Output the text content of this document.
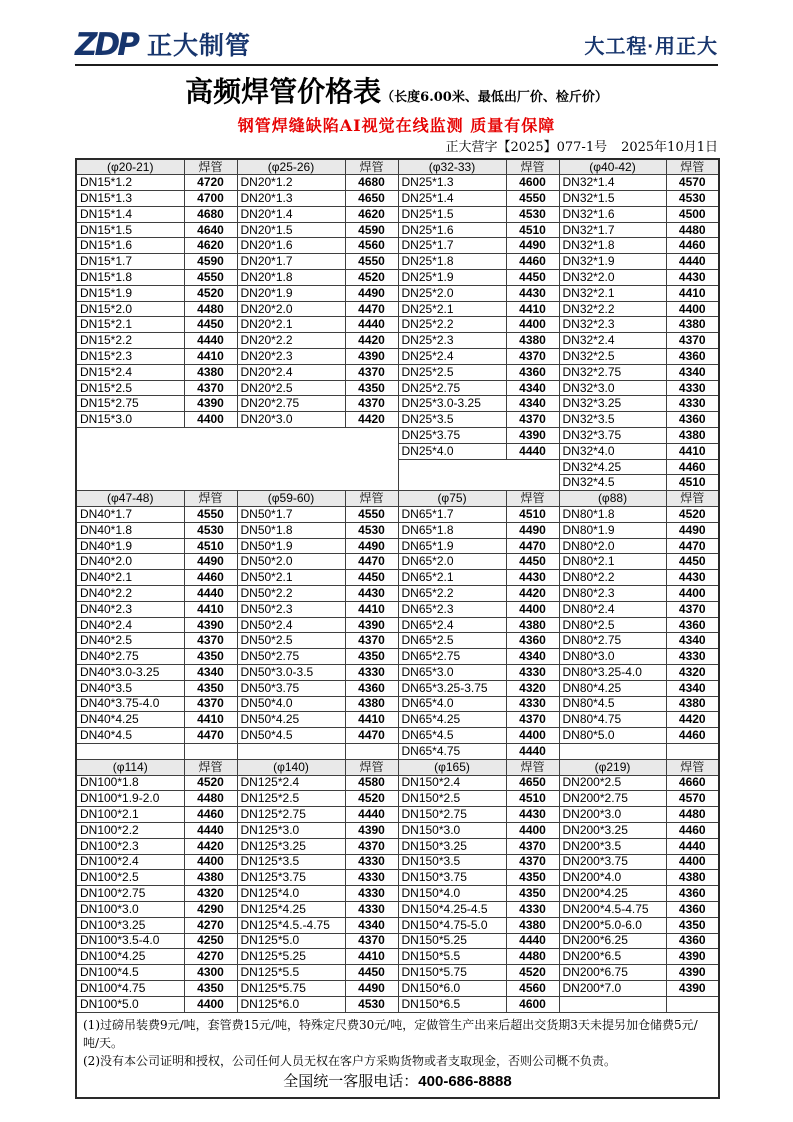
ZDP 正大制管	大工程·用正大
高频焊管价格表（长度6.00米、最低出厂价、检斤价）
钢管焊缝缺陷AI视觉在线监测 质量有保障
正大营字【2025】077-1号 2025年10月1日
(φ20-21)	焊管	(φ25-26)	焊管	(φ32-33)	焊管	(φ40-42)	焊管
DN15*1.2	4720	DN20*1.2	4680	DN25*1.3	4600	DN32*1.4	4570
DN15*1.3	4700	DN20*1.3	4650	DN25*1.4	4550	DN32*1.5	4530
DN15*1.4	4680	DN20*1.4	4620	DN25*1.5	4530	DN32*1.6	4500
DN15*1.5	4640	DN20*1.5	4590	DN25*1.6	4510	DN32*1.7	4480
DN15*1.6	4620	DN20*1.6	4560	DN25*1.7	4490	DN32*1.8	4460
DN15*1.7	4590	DN20*1.7	4550	DN25*1.8	4460	DN32*1.9	4440
DN15*1.8	4550	DN20*1.8	4520	DN25*1.9	4450	DN32*2.0	4430
DN15*1.9	4520	DN20*1.9	4490	DN25*2.0	4430	DN32*2.1	4410
DN15*2.0	4480	DN20*2.0	4470	DN25*2.1	4410	DN32*2.2	4400
DN15*2.1	4450	DN20*2.1	4440	DN25*2.2	4400	DN32*2.3	4380
DN15*2.2	4440	DN20*2.2	4420	DN25*2.3	4380	DN32*2.4	4370
DN15*2.3	4410	DN20*2.3	4390	DN25*2.4	4370	DN32*2.5	4360
DN15*2.4	4380	DN20*2.4	4370	DN25*2.5	4360	DN32*2.75	4340
DN15*2.5	4370	DN20*2.5	4350	DN25*2.75	4340	DN32*3.0	4330
DN15*2.75	4390	DN20*2.75	4370	DN25*3.0-3.25	4340	DN32*3.25	4330
DN15*3.0	4400	DN20*3.0	4420	DN25*3.5	4370	DN32*3.5	4360
				DN25*3.75	4390	DN32*3.75	4380
				DN25*4.0	4440	DN32*4.0	4410
						DN32*4.25	4460
						DN32*4.5	4510
(φ47-48)	焊管	(φ59-60)	焊管	(φ75)	焊管	(φ88)	焊管
DN40*1.7	4550	DN50*1.7	4550	DN65*1.7	4510	DN80*1.8	4520
DN40*1.8	4530	DN50*1.8	4530	DN65*1.8	4490	DN80*1.9	4490
DN40*1.9	4510	DN50*1.9	4490	DN65*1.9	4470	DN80*2.0	4470
DN40*2.0	4490	DN50*2.0	4470	DN65*2.0	4450	DN80*2.1	4450
DN40*2.1	4460	DN50*2.1	4450	DN65*2.1	4430	DN80*2.2	4430
DN40*2.2	4440	DN50*2.2	4430	DN65*2.2	4420	DN80*2.3	4400
DN40*2.3	4410	DN50*2.3	4410	DN65*2.3	4400	DN80*2.4	4370
DN40*2.4	4390	DN50*2.4	4390	DN65*2.4	4380	DN80*2.5	4360
DN40*2.5	4370	DN50*2.5	4370	DN65*2.5	4360	DN80*2.75	4340
DN40*2.75	4350	DN50*2.75	4350	DN65*2.75	4340	DN80*3.0	4330
DN40*3.0-3.25	4340	DN50*3.0-3.5	4330	DN65*3.0	4330	DN80*3.25-4.0	4320
DN40*3.5	4350	DN50*3.75	4360	DN65*3.25-3.75	4320	DN80*4.25	4340
DN40*3.75-4.0	4370	DN50*4.0	4380	DN65*4.0	4330	DN80*4.5	4380
DN40*4.25	4410	DN50*4.25	4410	DN65*4.25	4370	DN80*4.75	4420
DN40*4.5	4470	DN50*4.5	4470	DN65*4.5	4400	DN80*5.0	4460
				DN65*4.75	4440		
(φ114)	焊管	(φ140)	焊管	(φ165)	焊管	(φ219)	焊管
DN100*1.8	4520	DN125*2.4	4580	DN150*2.4	4650	DN200*2.5	4660
DN100*1.9-2.0	4480	DN125*2.5	4520	DN150*2.5	4510	DN200*2.75	4570
DN100*2.1	4460	DN125*2.75	4440	DN150*2.75	4430	DN200*3.0	4480
DN100*2.2	4440	DN125*3.0	4390	DN150*3.0	4400	DN200*3.25	4460
DN100*2.3	4420	DN125*3.25	4370	DN150*3.25	4370	DN200*3.5	4440
DN100*2.4	4400	DN125*3.5	4330	DN150*3.5	4370	DN200*3.75	4400
DN100*2.5	4380	DN125*3.75	4330	DN150*3.75	4350	DN200*4.0	4380
DN100*2.75	4320	DN125*4.0	4330	DN150*4.0	4350	DN200*4.25	4360
DN100*3.0	4290	DN125*4.25	4330	DN150*4.25-4.5	4330	DN200*4.5-4.75	4360
DN100*3.25	4270	DN125*4.5.-4.75	4340	DN150*4.75-5.0	4380	DN200*5.0-6.0	4350
DN100*3.5-4.0	4250	DN125*5.0	4370	DN150*5.25	4440	DN200*6.25	4360
DN100*4.25	4270	DN125*5.25	4410	DN150*5.5	4480	DN200*6.5	4390
DN100*4.5	4300	DN125*5.5	4450	DN150*5.75	4520	DN200*6.75	4390
DN100*4.75	4350	DN125*5.75	4490	DN150*6.0	4560	DN200*7.0	4390
DN100*5.0	4400	DN125*6.0	4530	DN150*6.5	4600		

(1)过磅吊装费9元/吨，套管费15元/吨，特殊定尺费30元/吨，定做管生产出来后超出交货期3天未提另加仓储费5元/吨/天。
(2)没有本公司证明和授权，公司任何人员无权在客户方采购货物或者支取现金，否则公司概不负责。
全国统一客服电话：400-686-8888							
